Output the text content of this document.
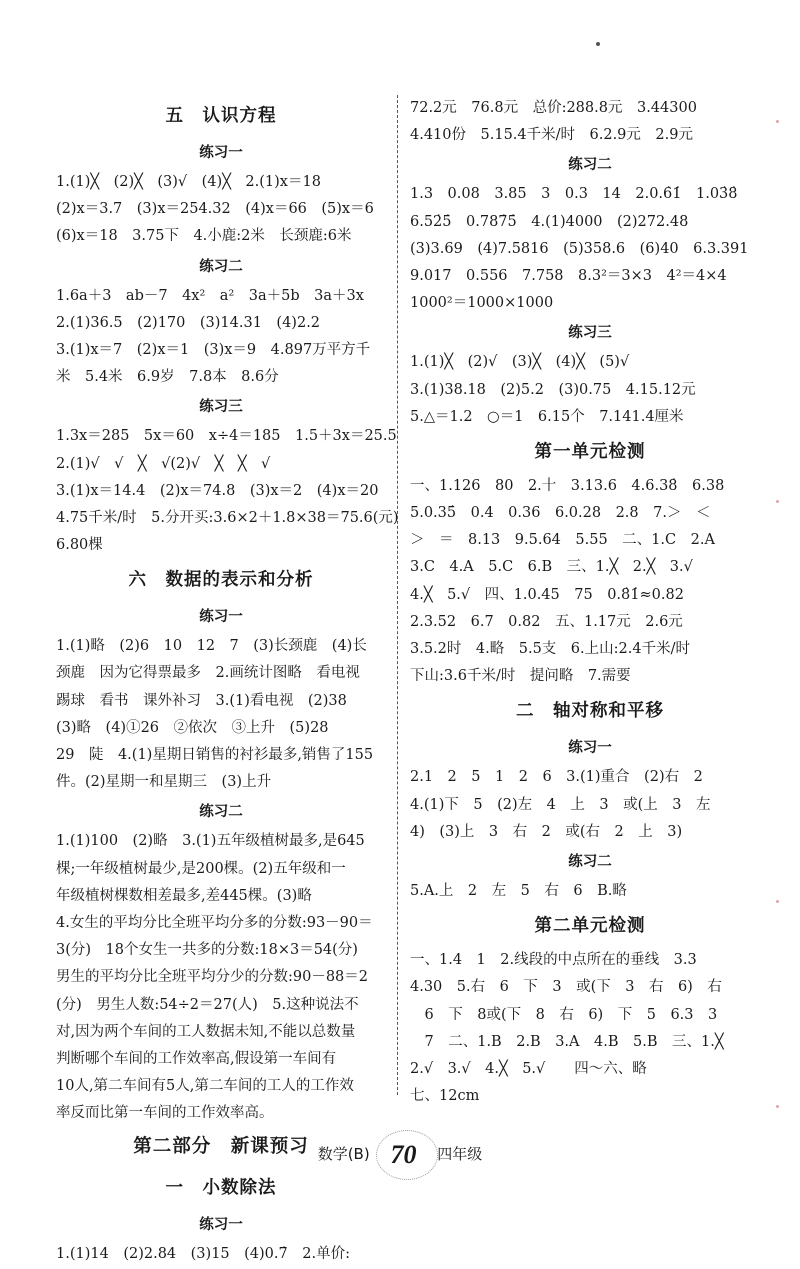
五　认识方程
练习一
1.(1)╳　(2)╳　(3)√　(4)╳　2.(1)x＝18
(2)x＝3.7　(3)x＝254.32　(4)x＝66　(5)x＝6
(6)x＝18　3.75下　4.小鹿:2米　长颈鹿:6米
练习二
1.6a＋3　ab－7　4x²　a²　3a＋5b　3a＋3x
2.(1)36.5　(2)170　(3)14.31　(4)2.2
3.(1)x＝7　(2)x＝1　(3)x＝9　4.897万平方千
米　5.4米　6.9岁　7.8本　8.6分
练习三
1.3x＝285　5x＝60　x÷4＝185　1.5＋3x＝25.5
2.(1)√　√　╳　√(2)√　╳　╳　√
3.(1)x＝14.4　(2)x＝74.8　(3)x＝2　(4)x＝20
4.75千米/时　5.分开买:3.6×2＋1.8×38＝75.6(元)
6.80棵
六　数据的表示和分析
练习一
1.(1)略　(2)6　10　12　7　(3)长颈鹿　(4)长
颈鹿　因为它得票最多　2.画统计图略　看电视
踢球　看书　课外补习　3.(1)看电视　(2)38
(3)略　(4)①26　②依次　③上升　(5)28
29　陡　4.(1)星期日销售的衬衫最多,销售了155
件。(2)星期一和星期三　(3)上升
练习二
1.(1)100　(2)略　3.(1)五年级植树最多,是645
棵;一年级植树最少,是200棵。(2)五年级和一
年级植树棵数相差最多,差445棵。(3)略
4.女生的平均分比全班平均分多的分数:93－90＝
3(分)　18个女生一共多的分数:18×3＝54(分)
男生的平均分比全班平均分少的分数:90－88＝2
(分)　男生人数:54÷2＝27(人)　5.这种说法不
对,因为两个车间的工人数据未知,不能以总数量
判断哪个车间的工作效率高,假设第一车间有
10人,第二车间有5人,第二车间的工人的工作效
率反而比第一车间的工作效率高。
第二部分　新课预习
一　小数除法
练习一
1.(1)14　(2)2.84　(3)15　(4)0.7̇　2.单价:
72.2元　76.8元　总价:288.8元　3.44300
4.410份　5.15.4千米/时　6.2.9元　2.9元
练习二
1.3　0.08　3.85　3　0.3　14　2.0.6̇1̇　1.03̇8̇
6.52̇5̇　0.787̇5̇　4.(1)4000　(2)272.48
(3)3.69　(4)7.5816　(5)358.6　(6)40　6.3.391
9.017　0.556　7.758　8.3²＝3×3　4²＝4×4
1000²＝1000×1000
练习三
1.(1)╳　(2)√　(3)╳　(4)╳　(5)√
3.(1)38.18　(2)5.2　(3)0.75　4.15.12元
5.△＝1.2　○＝1　6.15个　7.141.4厘米
第一单元检测
一、1.126　80　2.十　3.13.6　4.6.38̇　6.38
5.0.35̇　0.4　0.36　6.0.28　2.8　7.＞　＜
＞　＝　8.13　9.5.64　5.55　二、1.C　2.A
3.C　4.A　5.C　6.B　三、1.╳　2.╳　3.√
4.╳　5.√　四、1.0.45　75　0.8̇1̇≈0.82
2.3.52　6.7　0.82　五、1.17元　2.6元
3.5.2时　4.略　5.5支　6.上山:2.4千米/时
下山:3.6千米/时　提问略　7.需要
二　轴对称和平移
练习一
2.1　2　5　1　2　6　3.(1)重合　(2)右　2
4.(1)下　5　(2)左　4　上　3　或(上　3　左
4)　(3)上　3　右　2　或(右　2　上　3)
练习二
5.A.上　2　左　5　右　6　B.略
第二单元检测
一、1.4　1　2.线段的中点所在的垂线　3.3
4.30　5.右　6　下　3　或(下　3　右　6)　右
　6　下　8或(下　8　右　6)　下　5　6.3　3
　7　二、1.B　2.B　3.A　4.B　5.B　三、1.╳
2.√　3.√　4.╳　5.√　　四～六、略
七、12cm
数学(B) 70 四年级
